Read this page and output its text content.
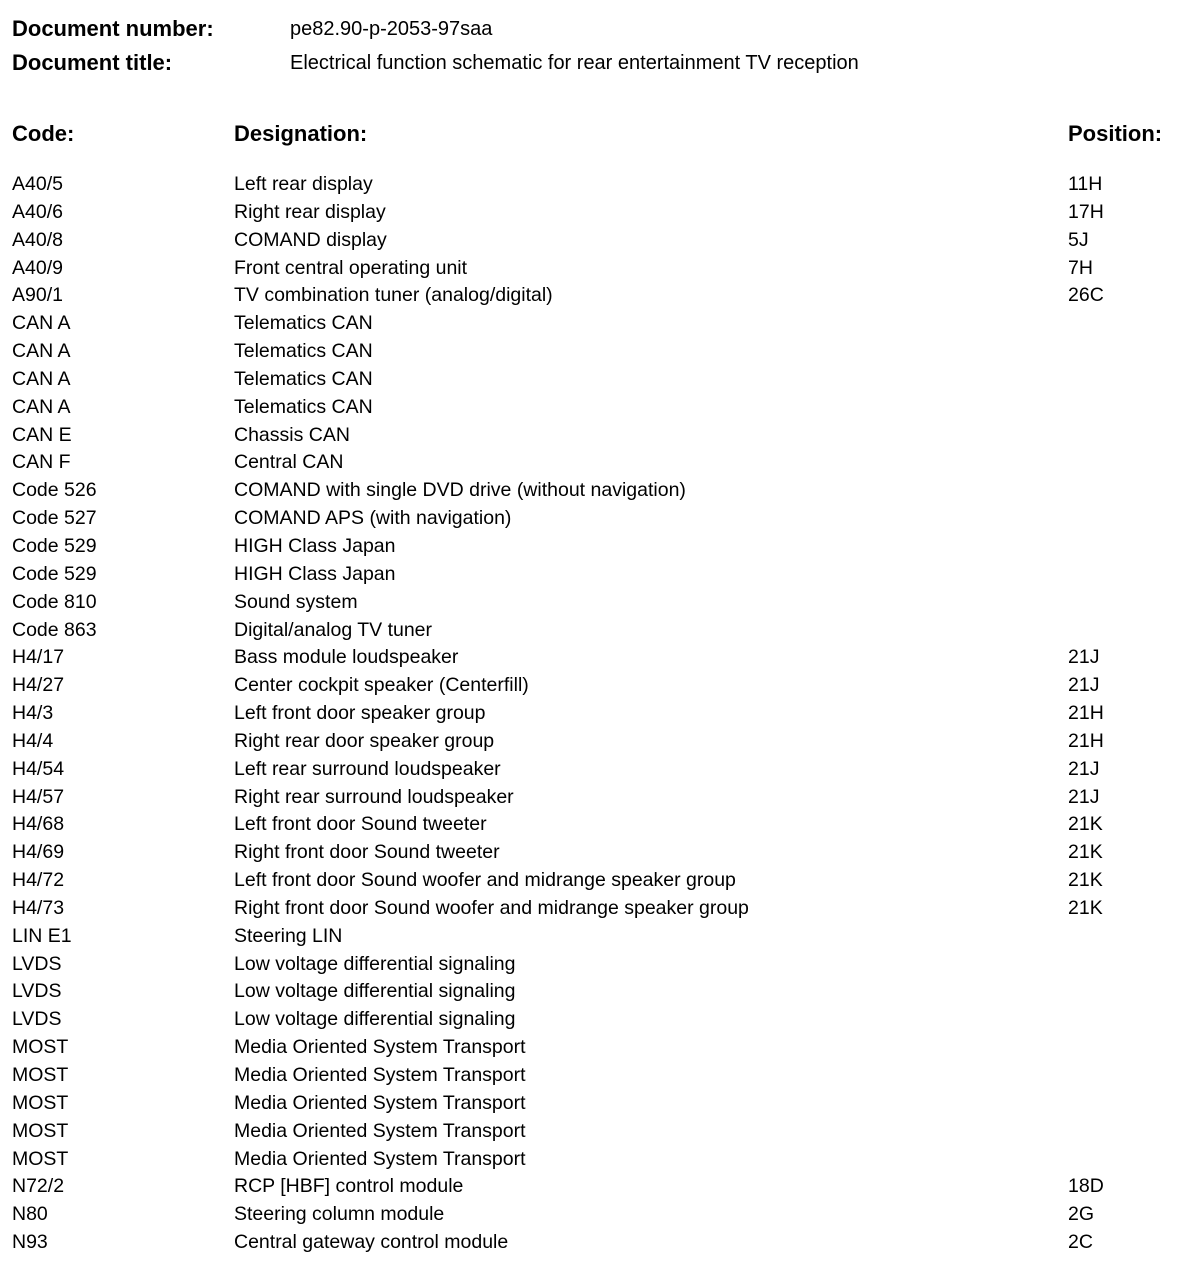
Document number:	pe82.90-p-2053-97saa
Document title:	Electrical function schematic for rear entertainment TV reception
Code:	Designation:	Position:
A40/5	Left rear display	11H
A40/6	Right rear display	17H
A40/8	COMAND display	5J
A40/9	Front central operating unit	7H
A90/1	TV combination tuner (analog/digital)	26C
CAN A	Telematics CAN
CAN A	Telematics CAN
CAN A	Telematics CAN
CAN A	Telematics CAN
CAN E	Chassis CAN
CAN F	Central CAN
Code 526	COMAND with single DVD drive (without navigation)
Code 527	COMAND APS (with navigation)
Code 529	HIGH Class Japan
Code 529	HIGH Class Japan
Code 810	Sound system
Code 863	Digital/analog TV tuner
H4/17	Bass module loudspeaker	21J
H4/27	Center cockpit speaker (Centerfill)	21J
H4/3	Left front door speaker group	21H
H4/4	Right rear door speaker group	21H
H4/54	Left rear surround loudspeaker	21J
H4/57	Right rear surround loudspeaker	21J
H4/68	Left front door Sound tweeter	21K
H4/69	Right front door Sound tweeter	21K
H4/72	Left front door Sound woofer and midrange speaker group	21K
H4/73	Right front door Sound woofer and midrange speaker group	21K
LIN E1	Steering LIN
LVDS	Low voltage differential signaling
LVDS	Low voltage differential signaling
LVDS	Low voltage differential signaling
MOST	Media Oriented System Transport
MOST	Media Oriented System Transport
MOST	Media Oriented System Transport
MOST	Media Oriented System Transport
MOST	Media Oriented System Transport
N72/2	RCP [HBF] control module	18D
N80	Steering column module	2G
N93	Central gateway control module	2C
